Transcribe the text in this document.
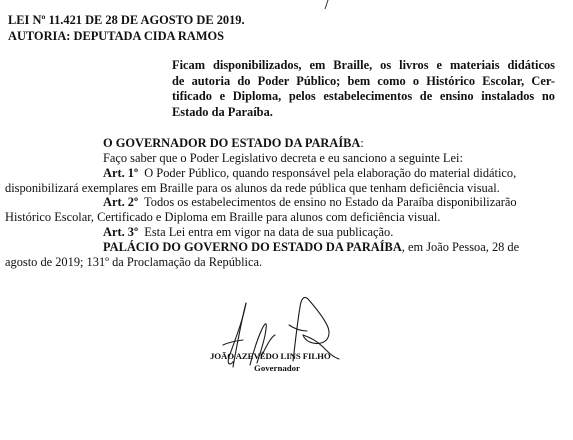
LEI Nº 11.421 DE 28 DE AGOSTO DE 2019.
AUTORIA: DEPUTADA CIDA RAMOS
Ficam disponibilizados, em Braille, os livros e materiais didáticos
de autoria do Poder Público; bem como o Histórico Escolar, Cer-
tificado e Diploma, pelos estabelecimentos de ensino instalados no
Estado da Paraíba.
O GOVERNADOR DO ESTADO DA PARAÍBA:
Faço saber que o Poder Legislativo decreta e eu sanciono a seguinte Lei:
Art. 1º O Poder Público, quando responsável pela elaboração do material didático,
disponibilizará exemplares em Braille para os alunos da rede pública que tenham deficiência visual.
Art. 2º Todos os estabelecimentos de ensino no Estado da Paraíba disponibilizarão
Histórico Escolar, Certificado e Diploma em Braille para alunos com deficiência visual.
Art. 3º Esta Lei entra em vigor na data de sua publicação.
PALÁCIO DO GOVERNO DO ESTADO DA PARAÍBA, em João Pessoa, 28 de
agosto de 2019; 131º da Proclamação da República.
JOÃO AZEVÊDO LINS FILHO
Governador
